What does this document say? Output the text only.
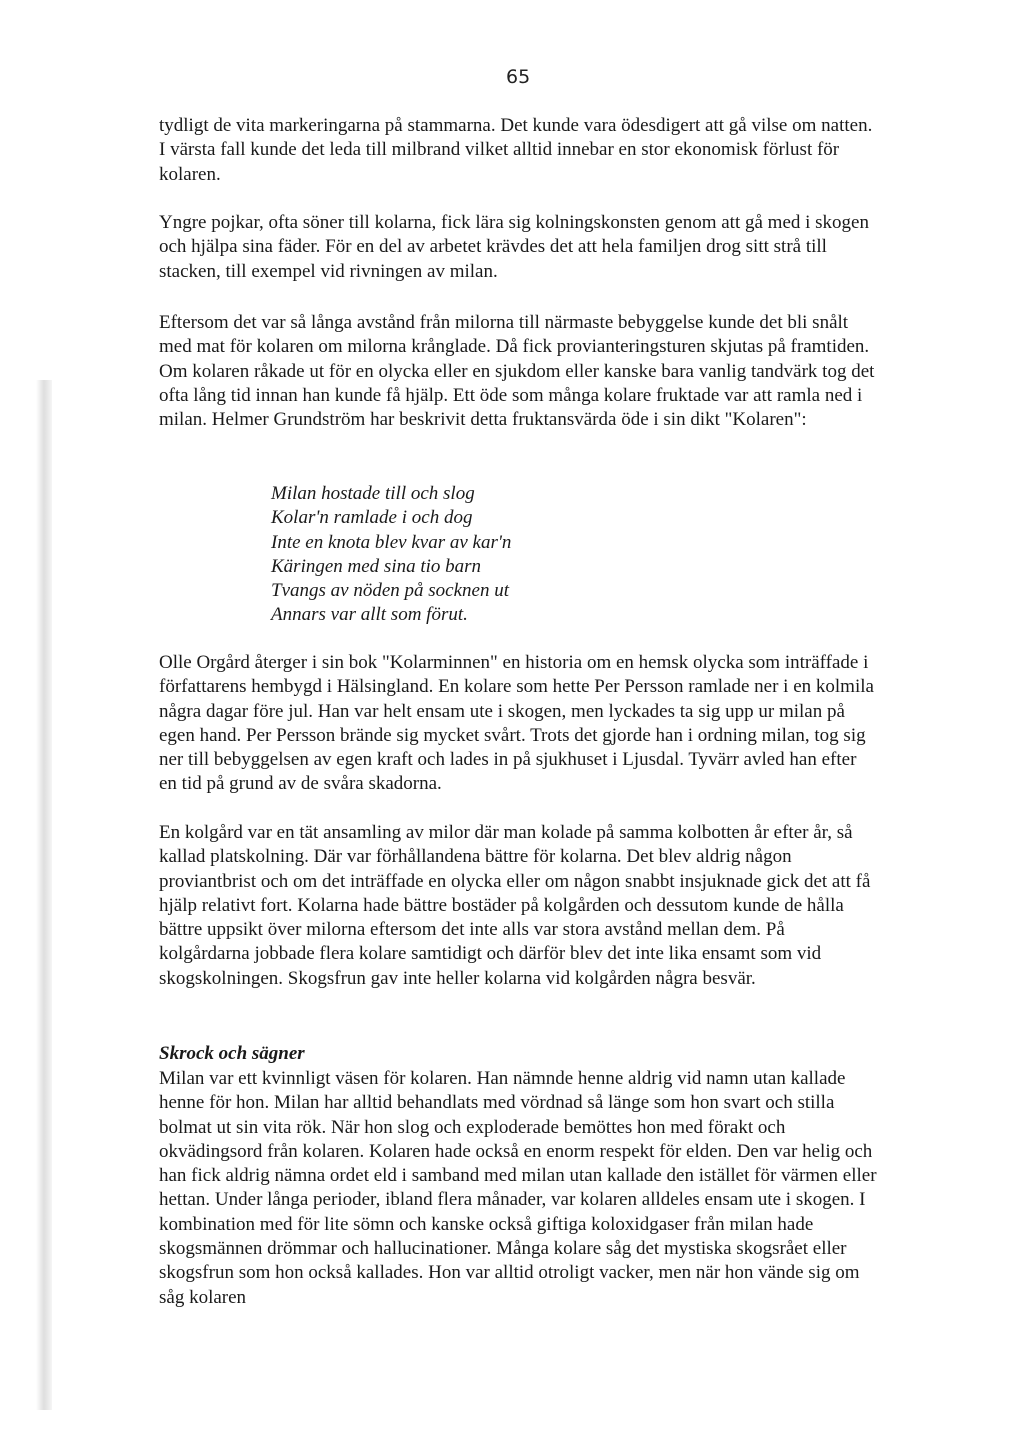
65

tydligt de vita markeringarna på stammarna. Det kunde vara ödesdigert att gå vilse om natten. I värsta fall kunde det leda till milbrand vilket alltid innebar en stor ekonomisk förlust för kolaren.

Yngre pojkar, ofta söner till kolarna, fick lära sig kolningskonsten genom att gå med i skogen och hjälpa sina fäder. För en del av arbetet krävdes det att hela familjen drog sitt strå till stacken, till exempel vid rivningen av milan.

Eftersom det var så långa avstånd från milorna till närmaste bebyggelse kunde det bli snålt med mat för kolaren om milorna krånglade. Då fick provianteringsturen skjutas på framtiden. Om kolaren råkade ut för en olycka eller en sjukdom eller kanske bara vanlig tandvärk tog det ofta lång tid innan han kunde få hjälp. Ett öde som många kolare fruktade var att ramla ned i milan. Helmer Grundström har beskrivit detta fruktansvärda öde i sin dikt "Kolaren":

Milan hostade till och slog
Kolar'n ramlade i och dog
Inte en knota blev kvar av kar'n
Käringen med sina tio barn
Tvangs av nöden på socknen ut
Annars var allt som förut.

Olle Orgård återger i sin bok "Kolarminnen" en historia om en hemsk olycka som inträffade i författarens hembygd i Hälsingland. En kolare som hette Per Persson ramlade ner i en kolmila några dagar före jul. Han var helt ensam ute i skogen, men lyckades ta sig upp ur milan på egen hand. Per Persson brände sig mycket svårt. Trots det gjorde han i ordning milan, tog sig ner till bebyggelsen av egen kraft och lades in på sjukhuset i Ljusdal. Tyvärr avled han efter en tid på grund av de svåra skadorna.

En kolgård var en tät ansamling av milor där man kolade på samma kolbotten år efter år, så kallad platskolning. Där var förhållandena bättre för kolarna. Det blev aldrig någon proviantbrist och om det inträffade en olycka eller om någon snabbt insjuknade gick det att få hjälp relativt fort. Kolarna hade bättre bostäder på kolgården och dessutom kunde de hålla bättre uppsikt över milorna eftersom det inte alls var stora avstånd mellan dem. På kolgårdarna jobbade flera kolare samtidigt och därför blev det inte lika ensamt som vid skogskolningen. Skogsfrun gav inte heller kolarna vid kolgården några besvär.

Skrock och sägner

Milan var ett kvinnligt väsen för kolaren. Han nämnde henne aldrig vid namn utan kallade henne för hon. Milan har alltid behandlats med vördnad så länge som hon svart och stilla bolmat ut sin vita rök. När hon slog och exploderade bemöttes hon med förakt och okvädingsord från kolaren. Kolaren hade också en enorm respekt för elden. Den var helig och han fick aldrig nämna ordet eld i samband med milan utan kallade den istället för värmen eller hettan. Under långa perioder, ibland flera månader, var kolaren alldeles ensam ute i skogen. I kombination med för lite sömn och kanske också giftiga koloxidgaser från milan hade skogsmännen drömmar och hallucinationer. Många kolare såg det mystiska skogsrået eller skogsfrun som hon också kallades. Hon var alltid otroligt vacker, men när hon vände sig om såg kolaren
